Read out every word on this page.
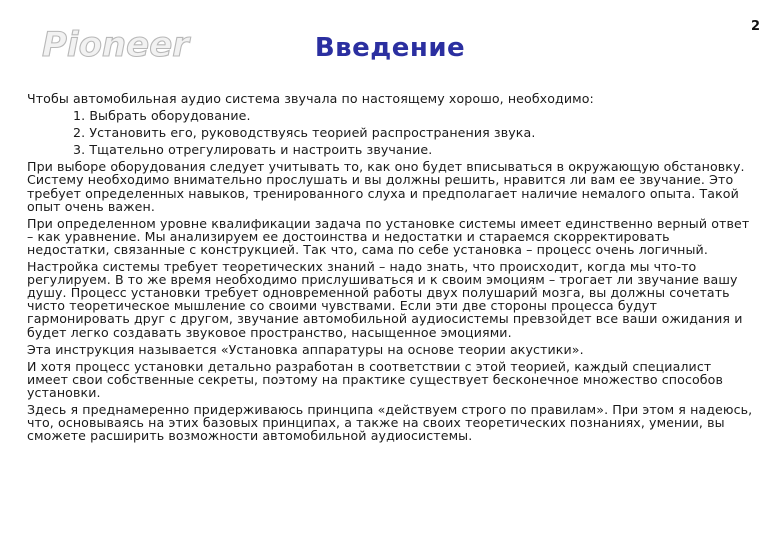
Pioneer	2
Введение

Чтобы автомобильная аудио система звучала по настоящему хорошо, необходимо:

1. Выбрать оборудование.
2. Установить его, руководствуясь теорией распространения звука.
3. Тщательно отрегулировать и настроить звучание.

При выборе оборудования следует учитывать то, как оно будет вписываться в окружающую обстановку. Систему необходимо внимательно прослушать и вы должны решить, нравится ли вам ее звучание. Это требует определенных навыков, тренированного слуха и предполагает наличие немалого опыта. Такой опыт очень важен.

При определенном уровне квалификации задача по установке системы имеет единственно верный ответ – как уравнение. Мы анализируем ее достоинства и недостатки и стараемся скорректировать недостатки, связанные с конструкцией. Так что, сама по себе установка – процесс очень логичный.

Настройка системы требует теоретических знаний – надо знать, что происходит, когда мы что-то регулируем. В то же время необходимо прислушиваться и к своим эмоциям – трогает ли звучание вашу душу. Процесс установки требует одновременной работы двух полушарий мозга, вы должны сочетать чисто теоретическое мышление со своими чувствами. Если эти две стороны процесса будут гармонировать друг с другом, звучание автомобильной аудиосистемы превзойдет все ваши ожидания и будет легко создавать звуковое пространство, насыщенное эмоциями.

Эта инструкция называется «Установка аппаратуры на основе теории акустики».

И хотя процесс установки детально разработан в соответствии с этой теорией, каждый специалист имеет свои собственные секреты, поэтому на практике существует бесконечное множество способов установки.

Здесь я преднамеренно придерживаюсь принципа «действуем строго по правилам». При этом я надеюсь, что, основываясь на этих базовых принципах, а также на своих теоретических познаниях, умении, вы сможете расширить возможности автомобильной аудиосистемы.
